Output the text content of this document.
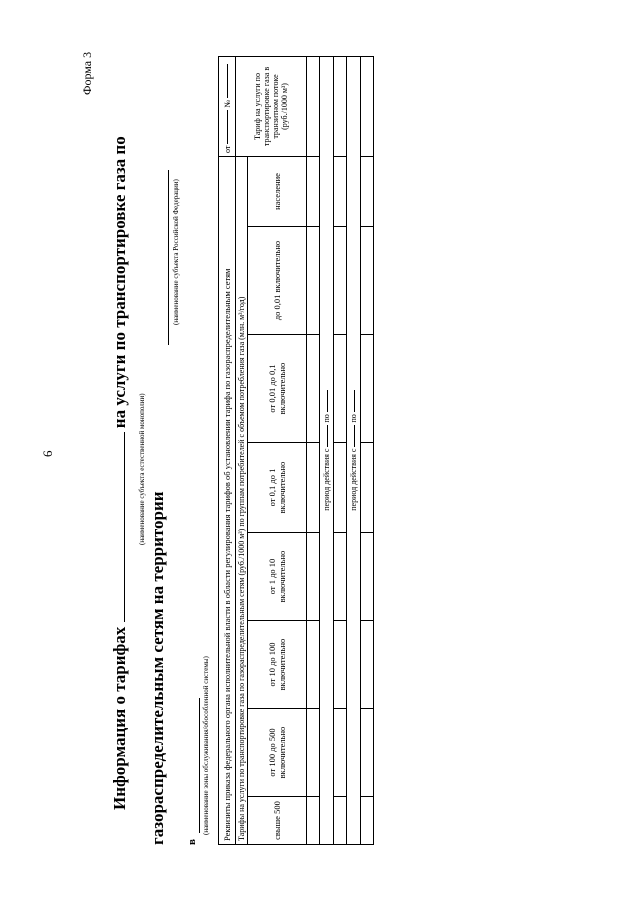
6
Форма 3
Информация о тарифах  на услуги по транспортировке газа по
(наименование субъекта естественной монополии)
газораспределительным сетям на территории
(наименование субъекта Российской Федерации)
в
(наименование зоны обслуживания/обособленной системы) Реквизиты приказа федерального органа исполнительной власти в области регулирования тарифов об установлении тарифа по газораспределительным сетям								от  №
Тарифы на услуги по транспортировке газа по газораспределительным сетям (руб./1000 м³) по группам потребителей с объемом потребления газа (млн. м³/год)								Тариф на услуги по транспортировке газа в транзитном потоке (руб./1000 м³)
свыше 500	от 100 до 500 включительно	от 10 до 100 включительно	от 1 до 10 включительно	от 0,1 до 1 включительно	от 0,01 до 0,1 включительно	до 0,01 включительно	население	

период действия с  по								

период действия с  по								
